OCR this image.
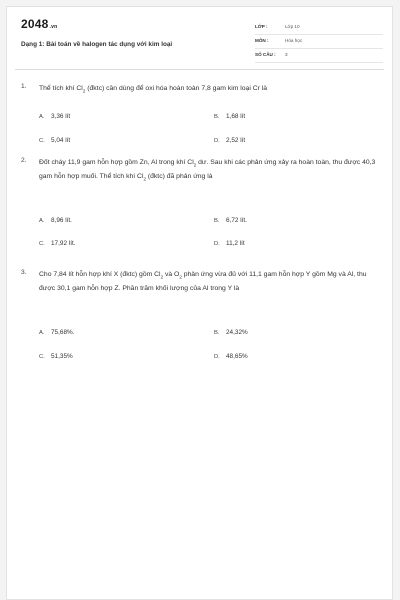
2048.vn
Dạng 1: Bài toán về halogen tác dụng với kim loại
LỚP :	Lớp 10
MÔN :	Hóa học
SỐ CÂU : 3
1. Thể tích khí $Cl_2$ (đktc) cần dùng để oxi hóa hoàn toàn 7,8 gam kim loại Cr là
A. 3,36 lít	B. 1,68 lít
C. 5,04 lít	D. 2,52 lít
2. Đốt cháy 11,9 gam hỗn hợp gồm Zn, Al trong khí $Cl_2$ dư. Sau khi các phản ứng xảy ra hoàn toàn, thu được 40,3 gam hỗn hợp muối. Thể tích khí $Cl_2$ (đktc) đã phản ứng là
A. 8,96 lít.	B. 6,72 lít.
C. 17,92 lít.	D. 11,2 lít
3. Cho 7,84 lít hỗn hợp khí X (đktc) gồm $Cl_2$ và $O_2$ phản ứng vừa đủ với 11,1 gam hỗn hợp Y gồm Mg và Al, thu được 30,1 gam hỗn hợp Z. Phần trăm khối lượng của Al trong Y là
A. 75,68%.	B. 24,32%
C. 51,35%	D. 48,65%
